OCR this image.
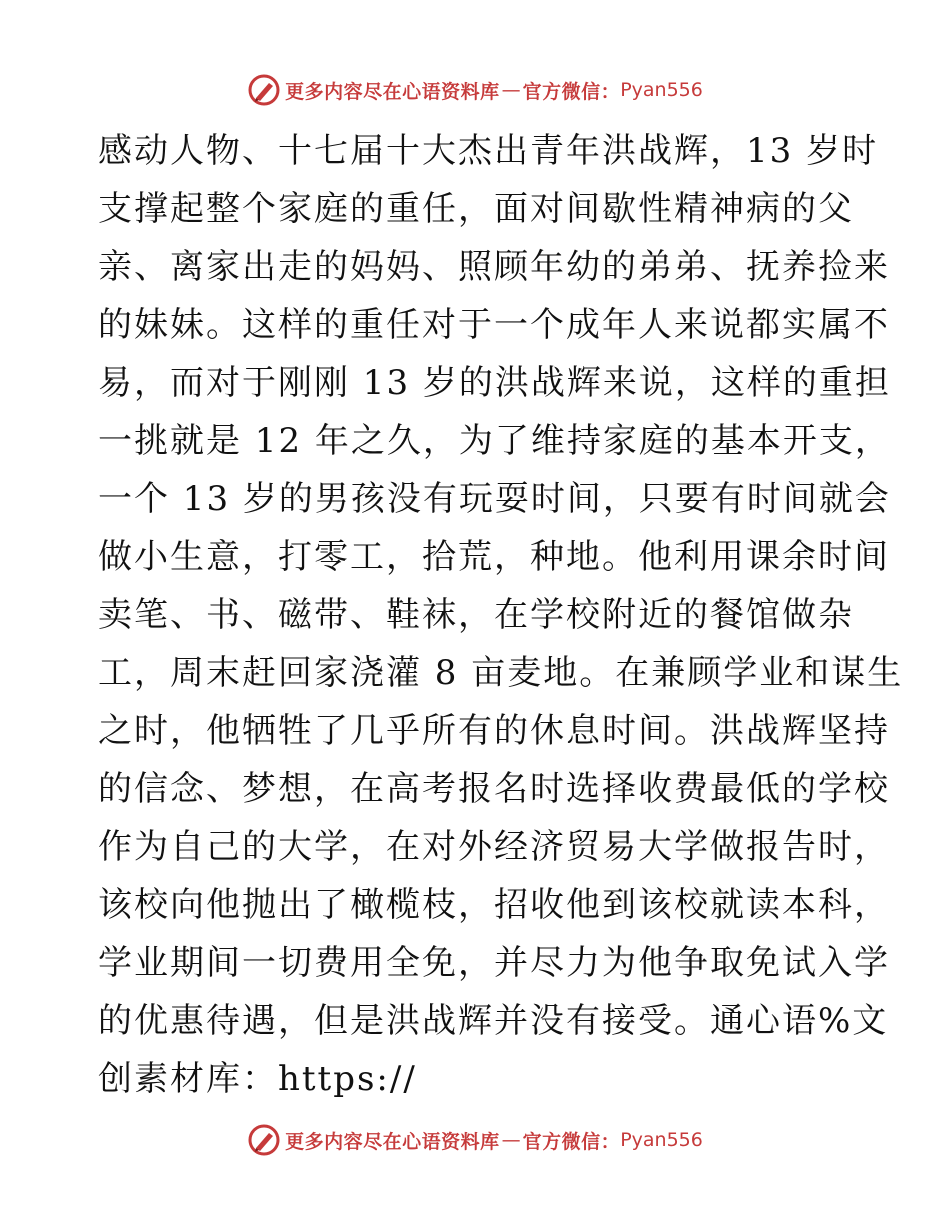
更多内容尽在心语资料库 — 官方微信： Pyan556
感动人物、十七届十大杰出青年洪战辉，13 岁时
支撑起整个家庭的重任，面对间歇性精神病的父
亲、离家出走的妈妈、照顾年幼的弟弟、抚养捡来
的妹妹。这样的重任对于一个成年人来说都实属不
易，而对于刚刚 13 岁的洪战辉来说，这样的重担
一挑就是 12 年之久，为了维持家庭的基本开支，
一个 13 岁的男孩没有玩耍时间，只要有时间就会
做小生意，打零工，拾荒，种地。他利用课余时间
卖笔、书、磁带、鞋袜，在学校附近的餐馆做杂
工，周末赶回家浇灌 8 亩麦地。在兼顾学业和谋生
之时，他牺牲了几乎所有的休息时间。洪战辉坚持
的信念、梦想，在高考报名时选择收费最低的学校
作为自己的大学，在对外经济贸易大学做报告时，
该校向他抛出了橄榄枝，招收他到该校就读本科，
学业期间一切费用全免，并尽力为他争取免试入学
的优惠待遇，但是洪战辉并没有接受。通心语%文
创素材库：https://
更多内容尽在心语资料库 — 官方微信： Pyan556
